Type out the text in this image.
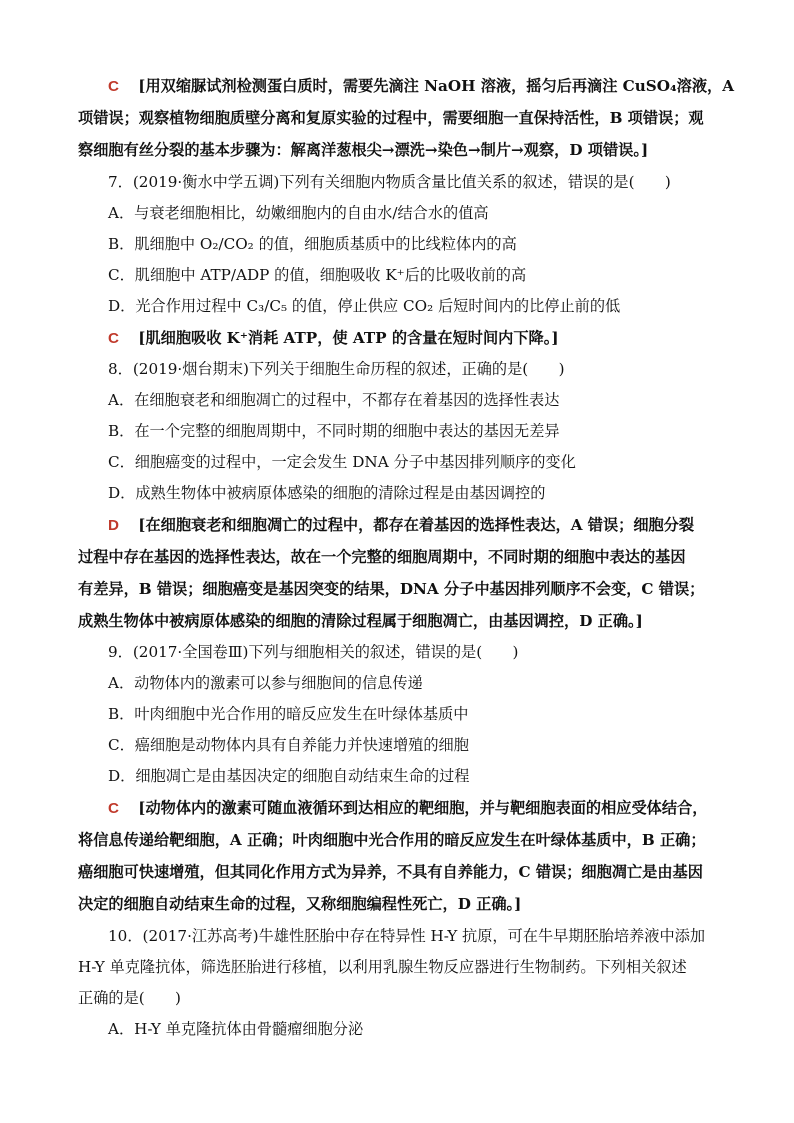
C [用双缩脲试剂检测蛋白质时，需要先滴注 NaOH 溶液，摇匀后再滴注 CuSO₄溶液，A
项错误；观察植物细胞质壁分离和复原实验的过程中，需要细胞一直保持活性，B 项错误；观
察细胞有丝分裂的基本步骤为：解离洋葱根尖→漂洗→染色→制片→观察，D 项错误。]
7．(2019·衡水中学五调)下列有关细胞内物质含量比值关系的叙述，错误的是(　　)
A．与衰老细胞相比，幼嫩细胞内的自由水/结合水的值高
B．肌细胞中 O₂/CO₂ 的值，细胞质基质中的比线粒体内的高
C．肌细胞中 ATP/ADP 的值，细胞吸收 K⁺后的比吸收前的高
D．光合作用过程中 C₃/C₅ 的值，停止供应 CO₂ 后短时间内的比停止前的低
C [肌细胞吸收 K⁺消耗 ATP，使 ATP 的含量在短时间内下降。]
8．(2019·烟台期末)下列关于细胞生命历程的叙述，正确的是(　　)
A．在细胞衰老和细胞凋亡的过程中，不都存在着基因的选择性表达
B．在一个完整的细胞周期中，不同时期的细胞中表达的基因无差异
C．细胞癌变的过程中，一定会发生 DNA 分子中基因排列顺序的变化
D．成熟生物体中被病原体感染的细胞的清除过程是由基因调控的
D [在细胞衰老和细胞凋亡的过程中，都存在着基因的选择性表达，A 错误；细胞分裂
过程中存在基因的选择性表达，故在一个完整的细胞周期中，不同时期的细胞中表达的基因
有差异，B 错误；细胞癌变是基因突变的结果，DNA 分子中基因排列顺序不会变，C 错误；
成熟生物体中被病原体感染的细胞的清除过程属于细胞凋亡，由基因调控，D 正确。]
9．(2017·全国卷Ⅲ)下列与细胞相关的叙述，错误的是(　　)
A．动物体内的激素可以参与细胞间的信息传递
B．叶肉细胞中光合作用的暗反应发生在叶绿体基质中
C．癌细胞是动物体内具有自养能力并快速增殖的细胞
D．细胞凋亡是由基因决定的细胞自动结束生命的过程
C [动物体内的激素可随血液循环到达相应的靶细胞，并与靶细胞表面的相应受体结合，
将信息传递给靶细胞，A 正确；叶肉细胞中光合作用的暗反应发生在叶绿体基质中，B 正确；
癌细胞可快速增殖，但其同化作用方式为异养，不具有自养能力，C 错误；细胞凋亡是由基因
决定的细胞自动结束生命的过程，又称细胞编程性死亡，D 正确。]
10．(2017·江苏高考)牛雄性胚胎中存在特异性 H-Y 抗原，可在牛早期胚胎培养液中添加
H-Y 单克隆抗体，筛选胚胎进行移植，以利用乳腺生物反应器进行生物制药。下列相关叙述
正确的是(　　)
A．H-Y 单克隆抗体由骨髓瘤细胞分泌
